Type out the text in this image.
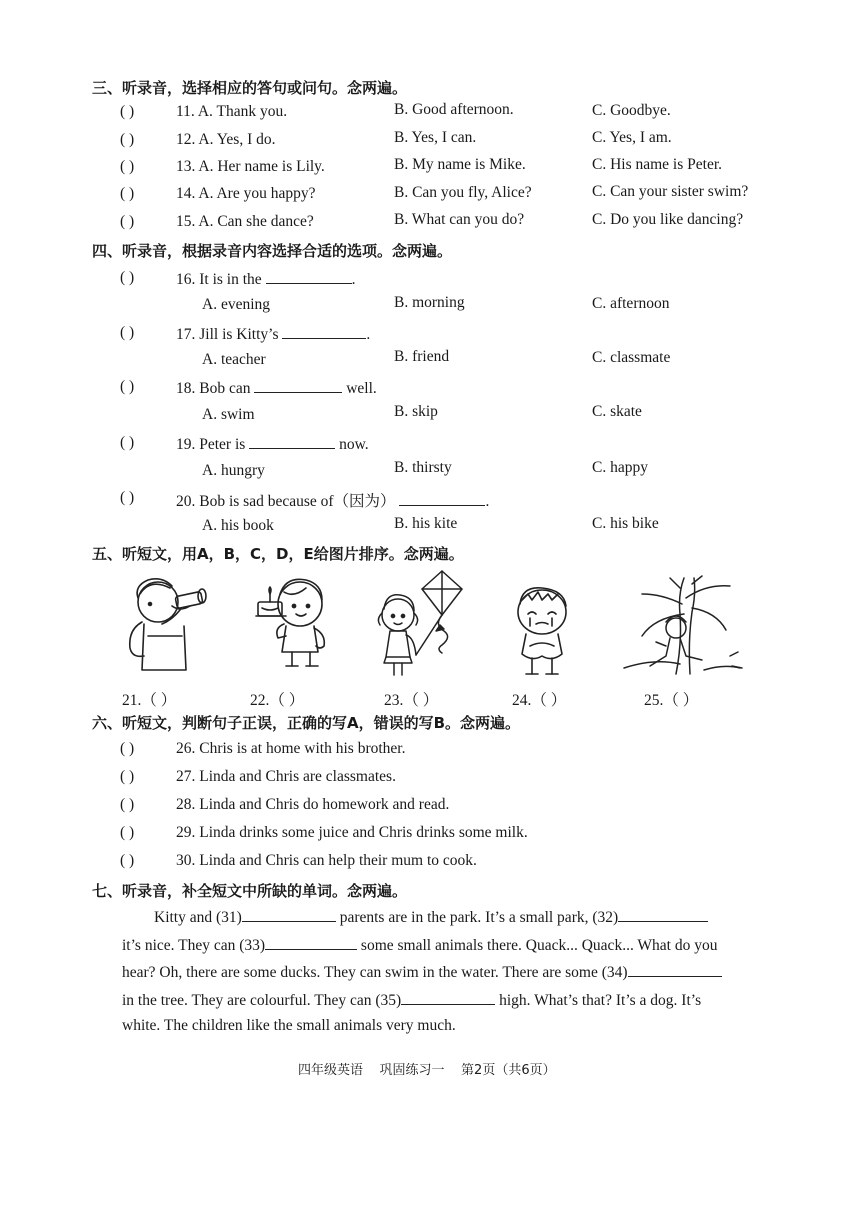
三、听录音，选择相应的答句或问句。念两遍。
( )	11. A. Thank you.	B. Good afternoon.	C. Goodbye.
( )	12. A. Yes, I do.	B. Yes, I can.	C. Yes, I am.
( )	13. A. Her name is Lily.	B. My name is Mike.	C. His name is Peter.
( )	14. A. Are you happy?	B. Can you fly, Alice?	C. Can your sister swim?
( )	15. A. Can she dance?	B. What can you do?	C. Do you like dancing?
四、听录音，根据录音内容选择合适的选项。念两遍。
( )	16. It is in the	.
A. evening	B. morning	C. afternoon
( )	17. Jill is Kitty’s	.
A. teacher	B. friend	C. classmate
( )	18. Bob can	well.
A. swim	B. skip	C. skate
( )	19. Peter is	now.
A. hungry	B. thirsty	C. happy
( )	20. Bob is sad because of（因为）	.
A. his book	B. his kite	C. his bike
五、听短文，用A，B，C，D，E给图片排序。念两遍。
21.（ ）	22.（ ）	23.（ ）	24.（ ）	25.（ ）
六、听短文，判断句子正误，正确的写A，错误的写B。念两遍。
( )	26. Chris is at home with his brother.
( )	27. Linda and Chris are classmates.
( )	28. Linda and Chris do homework and read.
( )	29. Linda drinks some juice and Chris drinks some milk.
( )	30. Linda and Chris can help their mum to cook.
七、听录音，补全短文中所缺的单词。念两遍。
Kitty and (31)	parents are in the park. It’s a small park, (32)
it’s nice. They can (33)	some small animals there. Quack... Quack... What do you
hear? Oh, there are some ducks. They can swim in the water. There are some (34)
in the tree. They are colourful. They can (35)	high. What’s that? It’s a dog. It’s
white. The children like the small animals very much.
四年级英语    巩固练习一    第2页（共6页）
